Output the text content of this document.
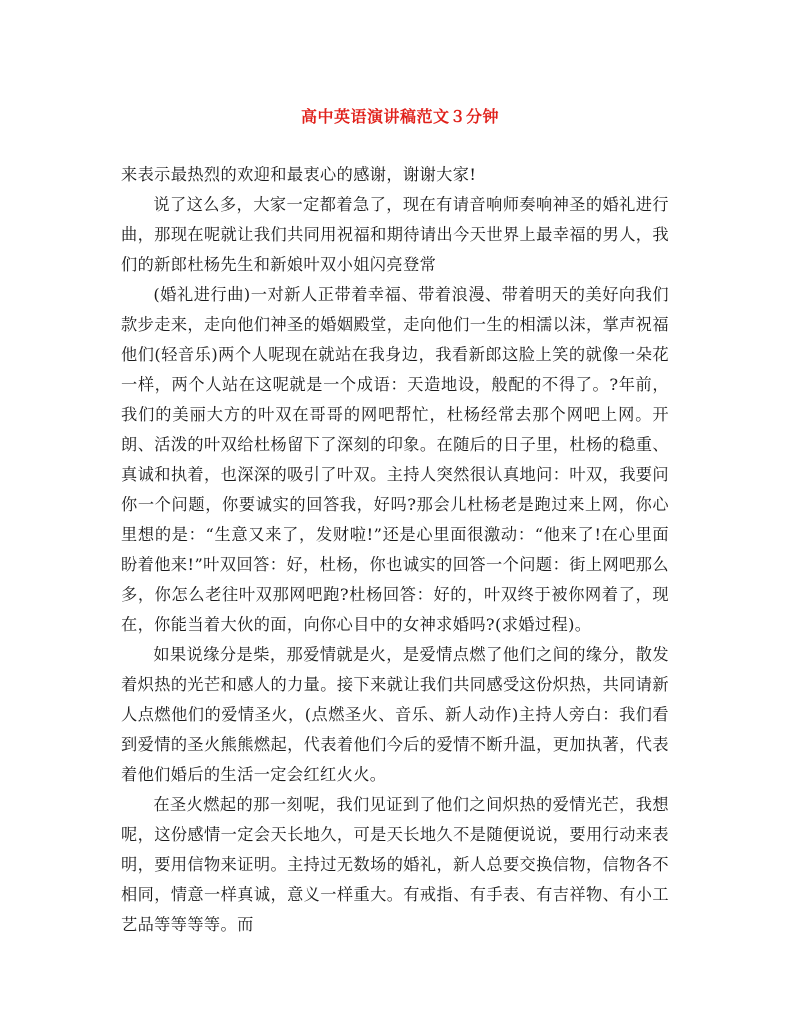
高中英语演讲稿范文３分钟

来表示最热烈的欢迎和最衷心的感谢，谢谢大家!

说了这么多，大家一定都着急了，现在有请音响师奏响神圣的婚礼进行曲，那现在呢就让我们共同用祝福和期待请出今天世界上最幸福的男人，我们的新郎杜杨先生和新娘叶双小姐闪亮登常

(婚礼进行曲)一对新人正带着幸福、带着浪漫、带着明天的美好向我们款步走来，走向他们神圣的婚姻殿堂，走向他们一生的相濡以沫，掌声祝福他们(轻音乐)两个人呢现在就站在我身边，我看新郎这脸上笑的就像一朵花一样，两个人站在这呢就是一个成语：天造地设，般配的不得了。?年前，我们的美丽大方的叶双在哥哥的网吧帮忙，杜杨经常去那个网吧上网。开朗、活泼的叶双给杜杨留下了深刻的印象。在随后的日子里，杜杨的稳重、真诚和执着，也深深的吸引了叶双。主持人突然很认真地问：叶双，我要问你一个问题，你要诚实的回答我，好吗?那会儿杜杨老是跑过来上网，你心里想的是：“生意又来了，发财啦!”还是心里面很激动：“他来了!在心里面盼着他来!”叶双回答：好，杜杨，你也诚实的回答一个问题：街上网吧那么多，你怎么老往叶双那网吧跑?杜杨回答：好的，叶双终于被你网着了，现在，你能当着大伙的面，向你心目中的女神求婚吗?(求婚过程)。

如果说缘分是柴，那爱情就是火，是爱情点燃了他们之间的缘分，散发着炽热的光芒和感人的力量。接下来就让我们共同感受这份炽热，共同请新人点燃他们的爱情圣火，(点燃圣火、音乐、新人动作)主持人旁白：我们看到爱情的圣火熊熊燃起，代表着他们今后的爱情不断升温，更加执著，代表着他们婚后的生活一定会红红火火。

在圣火燃起的那一刻呢，我们见证到了他们之间炽热的爱情光芒，我想呢，这份感情一定会天长地久，可是天长地久不是随便说说，要用行动来表明，要用信物来证明。主持过无数场的婚礼，新人总要交换信物，信物各不相同，情意一样真诚，意义一样重大。有戒指、有手表、有吉祥物、有小工艺品等等等等。而
